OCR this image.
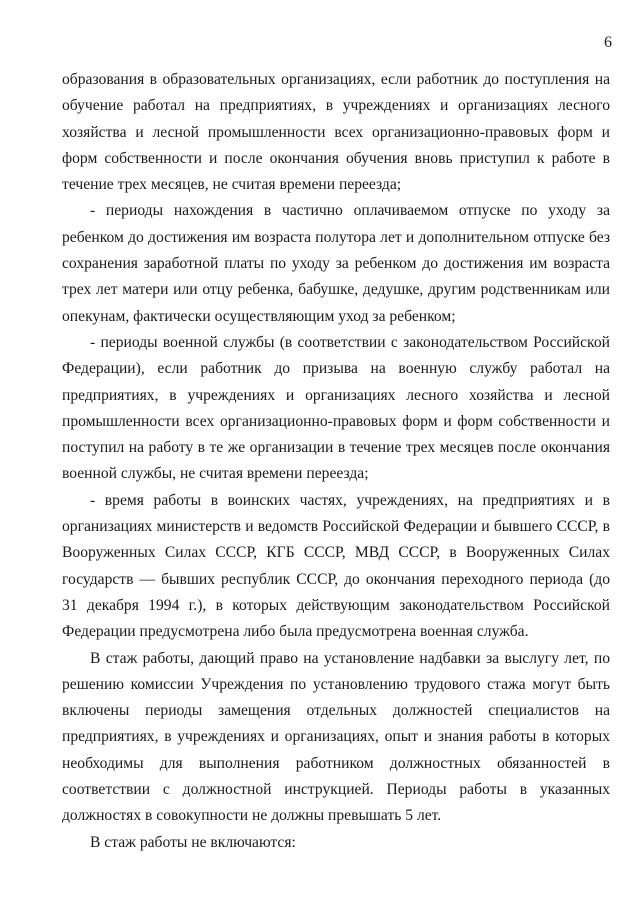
6

образования в образовательных организациях, если работник до поступления на обучение работал на предприятиях, в учреждениях и организациях лесного хозяйства и лесной промышленности всех организационно-правовых форм и форм собственности и после окончания обучения вновь приступил к работе в течение трех месяцев, не считая времени переезда;

- периоды нахождения в частично оплачиваемом отпуске по уходу за ребенком до достижения им возраста полутора лет и дополнительном отпуске без сохранения заработной платы по уходу за ребенком до достижения им возраста трех лет матери или отцу ребенка, бабушке, дедушке, другим родственникам или опекунам, фактически осуществляющим уход за ребенком;

- периоды военной службы (в соответствии с законодательством Российской Федерации), если работник до призыва на военную службу работал на предприятиях, в учреждениях и организациях лесного хозяйства и лесной промышленности всех организационно-правовых форм и форм собственности и поступил на работу в те же организации в течение трех месяцев после окончания военной службы, не считая времени переезда;

- время работы в воинских частях, учреждениях, на предприятиях и в организациях министерств и ведомств Российской Федерации и бывшего СССР, в Вооруженных Силах СССР, КГБ СССР, МВД СССР, в Вооруженных Силах государств — бывших республик СССР, до окончания переходного периода (до 31 декабря 1994 г.), в которых действующим законодательством Российской Федерации предусмотрена либо была предусмотрена военная служба.

В стаж работы, дающий право на установление надбавки за выслугу лет, по решению комиссии Учреждения по установлению трудового стажа могут быть включены периоды замещения отдельных должностей специалистов на предприятиях, в учреждениях и организациях, опыт и знания работы в которых необходимы для выполнения работником должностных обязанностей в соответствии с должностной инструкцией. Периоды работы в указанных должностях в совокупности не должны превышать 5 лет.

В стаж работы не включаются:
